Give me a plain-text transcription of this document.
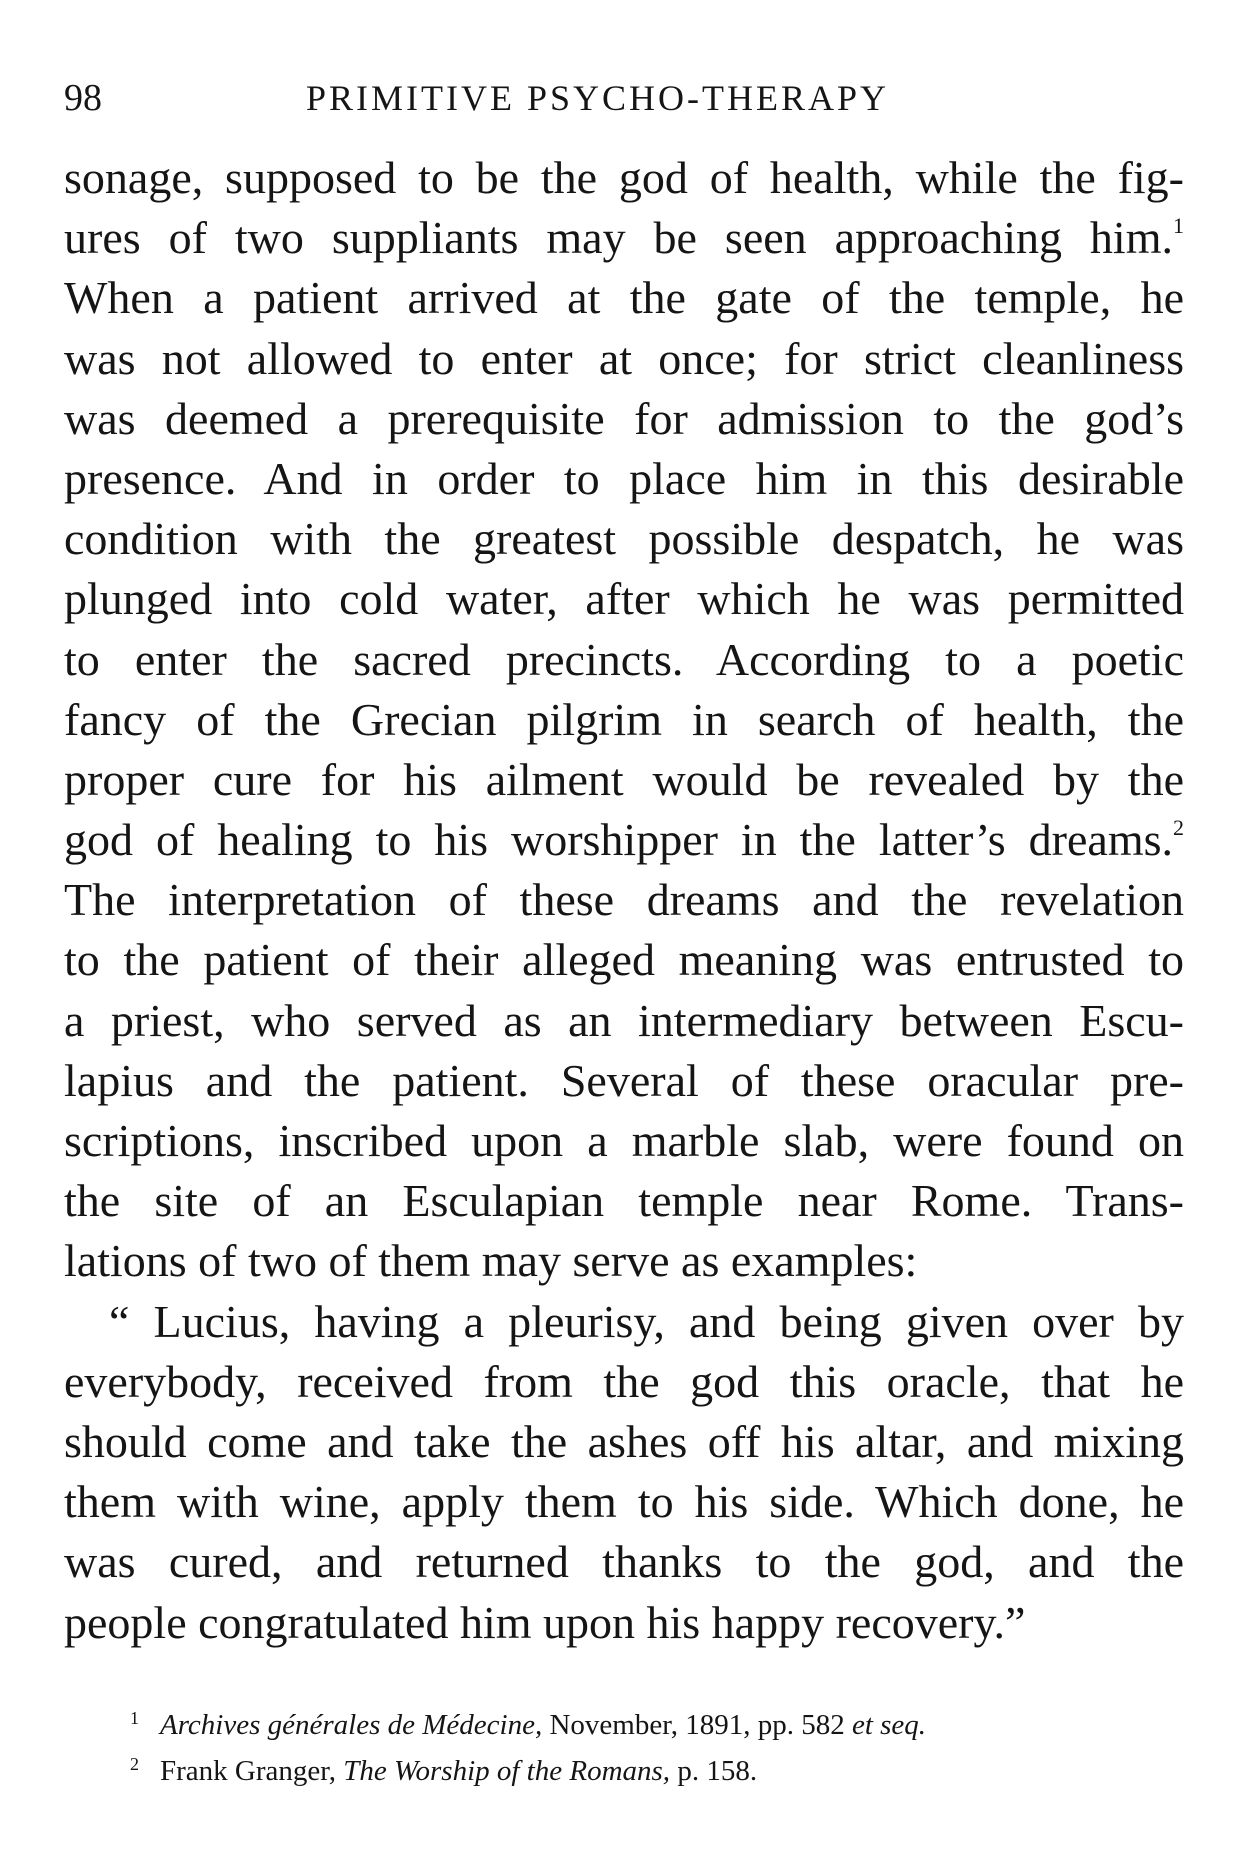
98	PRIMITIVE PSYCHO-THERAPY
sonage, supposed to be the god of health, while the fig-
ures of two suppliants may be seen approaching him.$^1$
When a patient arrived at the gate of the temple, he
was not allowed to enter at once; for strict cleanliness
was deemed a prerequisite for admission to the god’s
presence. And in order to place him in this desirable
condition with the greatest possible despatch, he was
plunged into cold water, after which he was permitted
to enter the sacred precincts. According to a poetic
fancy of the Grecian pilgrim in search of health, the
proper cure for his ailment would be revealed by the
god of healing to his worshipper in the latter’s dreams.$^2$
The interpretation of these dreams and the revelation
to the patient of their alleged meaning was entrusted to
a priest, who served as an intermediary between Escu-
lapius and the patient. Several of these oracular pre-
scriptions, inscribed upon a marble slab, were found on
the site of an Esculapian temple near Rome. Trans-
lations of two of them may serve as examples:
“ Lucius, having a pleurisy, and being given over by
everybody, received from the god this oracle, that he
should come and take the ashes off his altar, and mixing
them with wine, apply them to his side. Which done, he
was cured, and returned thanks to the god, and the
people congratulated him upon his happy recovery.”
1 Archives générales de Médecine, November, 1891, pp. 582 et seq.
2 Frank Granger, The Worship of the Romans, p. 158.
